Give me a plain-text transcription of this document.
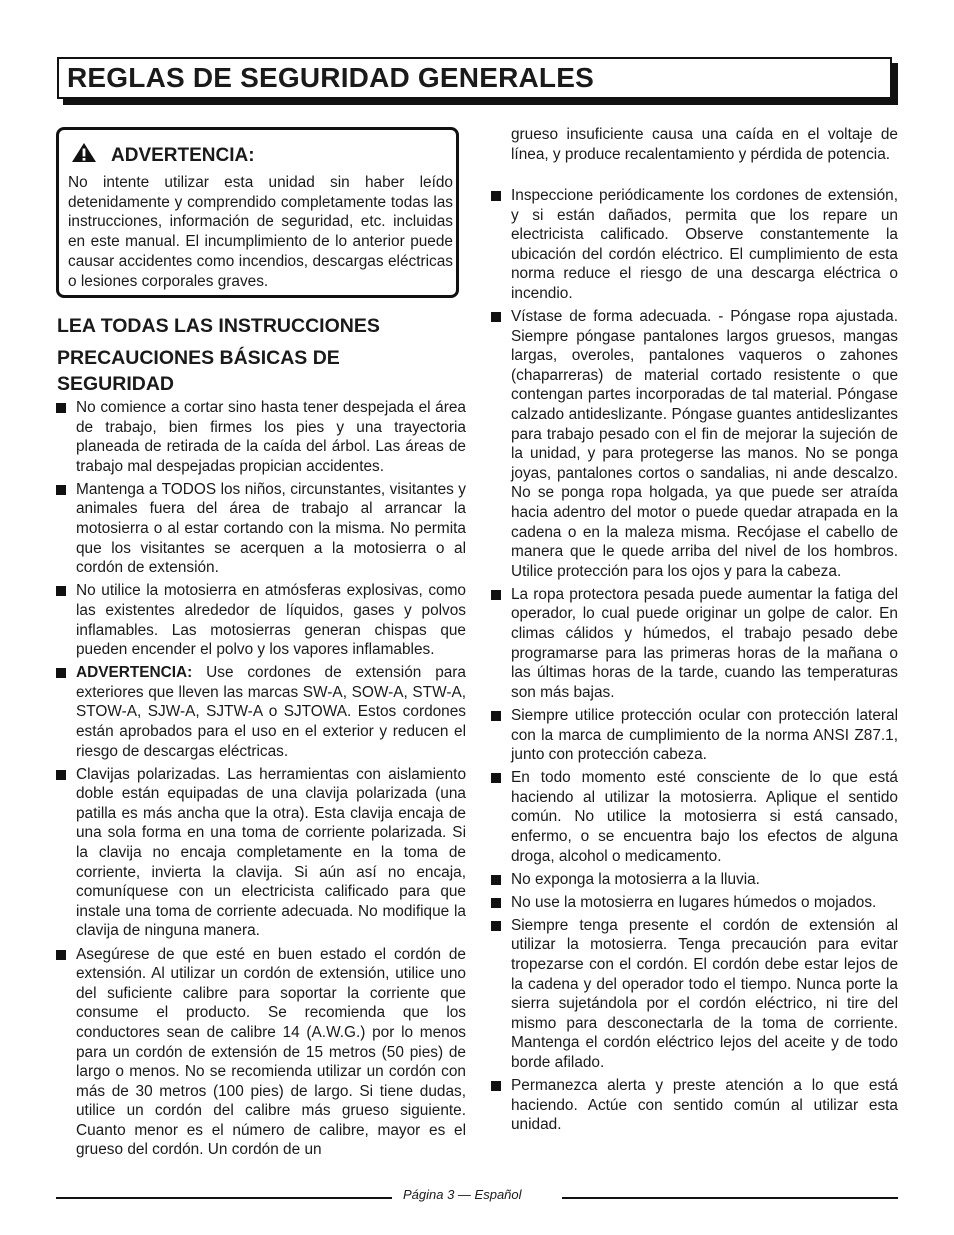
REGLAS DE SEGURIDAD GENERALES
ADVERTENCIA:
No intente utilizar esta unidad sin haber leído detenidamente y comprendido completamente todas las instrucciones, información de seguridad, etc. incluidas en este manual. El incumplimiento de lo anterior puede causar accidentes como incendios, descargas eléctricas o lesiones corporales graves.
LEA TODAS LAS INSTRUCCIONES
PRECAUCIONES BÁSICAS DE
SEGURIDAD
No comience a cortar sino hasta tener despejada el área de trabajo, bien firmes los pies y una trayectoria planeada de retirada de la caída del árbol. Las áreas de trabajo mal despejadas propician accidentes.
Mantenga a TODOS los niños, circunstantes, visitantes y animales fuera del área de trabajo al arrancar la motosierra o al estar cortando con la misma. No permita que los visitantes se acerquen a la motosierra o al cordón de extensión.
No utilice la motosierra en atmósferas explosivas, como las existentes alrededor de líquidos, gases y polvos inflamables. Las motosierras generan chispas que pueden encender el polvo y los vapores inflamables.
ADVERTENCIA: Use cordones de extensión para exteriores que lleven las marcas SW-A, SOW-A, STW-A, STOW-A, SJW-A, SJTW-A o SJTOWA. Estos cordones están aprobados para el uso en el exterior y reducen el riesgo de descargas eléctricas.
Clavijas polarizadas. Las herramientas con aislamiento doble están equipadas de una clavija polarizada (una patilla es más ancha que la otra). Esta clavija encaja de una sola forma en una toma de corriente polarizada. Si la clavija no encaja completamente en la toma de corriente, invierta la clavija. Si aún así no encaja, comuníquese con un electricista calificado para que instale una toma de corriente adecuada. No modifique la clavija de ninguna manera.
Asegúrese de que esté en buen estado el cordón de extensión. Al utilizar un cordón de extensión, utilice uno del suficiente calibre para soportar la corriente que consume el producto. Se recomienda que los conductores sean de calibre 14 (A.W.G.) por lo menos para un cordón de extensión de 15 metros (50 pies) de largo o menos. No se recomienda utilizar un cordón con más de 30 metros (100 pies) de largo. Si tiene dudas, utilice un cordón del calibre más grueso siguiente. Cuanto menor es el número de calibre, mayor es el grueso del cordón. Un cordón de un
grueso insuficiente causa una caída en el voltaje de línea, y produce recalentamiento y pérdida de potencia.
Inspeccione periódicamente los cordones de extensión, y si están dañados, permita que los repare un electricista calificado. Observe constantemente la ubicación del cordón eléctrico. El cumplimiento de esta norma reduce el riesgo de una descarga eléctrica o incendio.
Vístase de forma adecuada. - Póngase ropa ajustada. Siempre póngase pantalones largos gruesos, mangas largas, overoles, pantalones vaqueros o zahones (chaparreras) de material cortado resistente o que contengan partes incorporadas de tal material. Póngase calzado antideslizante. Póngase guantes antideslizantes para trabajo pesado con el fin de mejorar la sujeción de la unidad, y para protegerse las manos. No se ponga joyas, pantalones cortos o sandalias, ni ande descalzo. No se ponga ropa holgada, ya que puede ser atraída hacia adentro del motor o puede quedar atrapada en la cadena o en la maleza misma. Recójase el cabello de manera que le quede arriba del nivel de los hombros. Utilice protección para los ojos y para la cabeza.
La ropa protectora pesada puede aumentar la fatiga del operador, lo cual puede originar un golpe de calor. En climas cálidos y húmedos, el trabajo pesado debe programarse para las primeras horas de la mañana o las últimas horas de la tarde, cuando las temperaturas son más bajas.
Siempre utilice protección ocular con protección lateral con la marca de cumplimiento de la norma ANSI Z87.1, junto con protección cabeza.
En todo momento esté consciente de lo que está haciendo al utilizar la motosierra. Aplique el sentido común. No utilice la motosierra si está cansado, enfermo, o se encuentra bajo los efectos de alguna droga, alcohol o medicamento.
No exponga la motosierra a la lluvia.
No use la motosierra en lugares húmedos o mojados.
Siempre tenga presente el cordón de extensión al utilizar la motosierra. Tenga precaución para evitar tropezarse con el cordón. El cordón debe estar lejos de la cadena y del operador todo el tiempo. Nunca porte la sierra sujetándola por el cordón eléctrico, ni tire del mismo para desconectarla de la toma de corriente. Mantenga el cordón eléctrico lejos del aceite y de todo borde afilado.
Permanezca alerta y preste atención a lo que está haciendo. Actúe con sentido común al utilizar esta unidad.
Página 3 — Español
